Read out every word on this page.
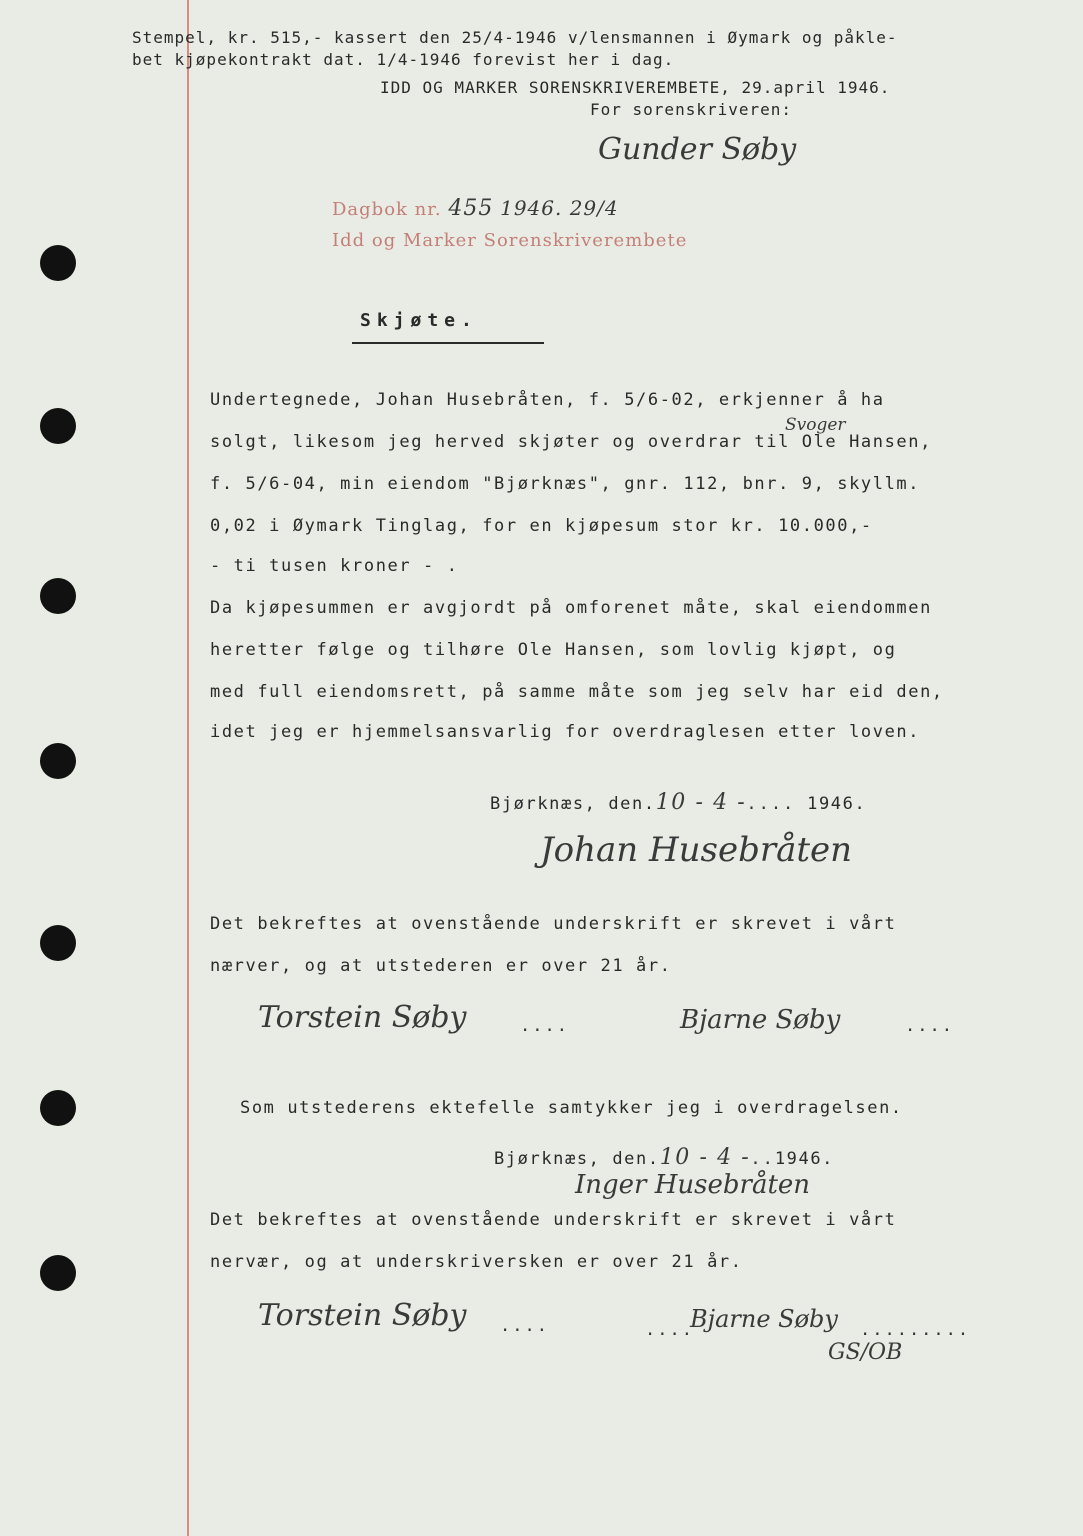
Stempel, kr. 515,- kassert den 25/4-1946 v/lensmannen i Øymark og påkle-
bet kjøpekontrakt dat. 1/4-1946 forevist her i dag.
IDD OG MARKER SORENSKRIVEREMBETE, 29.april 1946.
For sorenskriveren:
Gunder Søby
Dagbok nr. 455 1946. 29/4
Idd og Marker Sorenskriverembete
Skjøte.
Svoger
Undertegnede, Johan Husebråten, f. 5/6-02, erkjenner å ha
solgt, likesom jeg herved skjøter og overdrar til Ole Hansen,
f. 5/6-04, min eiendom "Bjørknæs", gnr. 112, bnr. 9, skyllm.
0,02 i Øymark Tinglag, for en kjøpesum stor kr. 10.000,-
- ti tusen kroner - .
Da kjøpesummen er avgjordt på omforenet måte, skal eiendommen
heretter følge og tilhøre Ole Hansen, som lovlig kjøpt, og
med full eiendomsrett, på samme måte som jeg selv har eid den,
idet jeg er hjemmelsansvarlig for overdraglesen etter loven.
Bjørknæs, den.10 - 4 -.... 1946.
Johan Husebråten
Det bekreftes at ovenstående underskrift er skrevet i vårt
nærver, og at utstederen er over 21 år.
Torstein Søby	....	Bjarne Søby	....
Som utstederens ektefelle samtykker jeg i overdragelsen.
Bjørknæs, den.10 - 4 -..1946.
Inger Husebråten
Det bekreftes at ovenstående underskrift er skrevet i vårt
nervær, og at underskriversken er over 21 år.
Torstein Søby ....	....
Bjarne Søby .........
GS/OB
